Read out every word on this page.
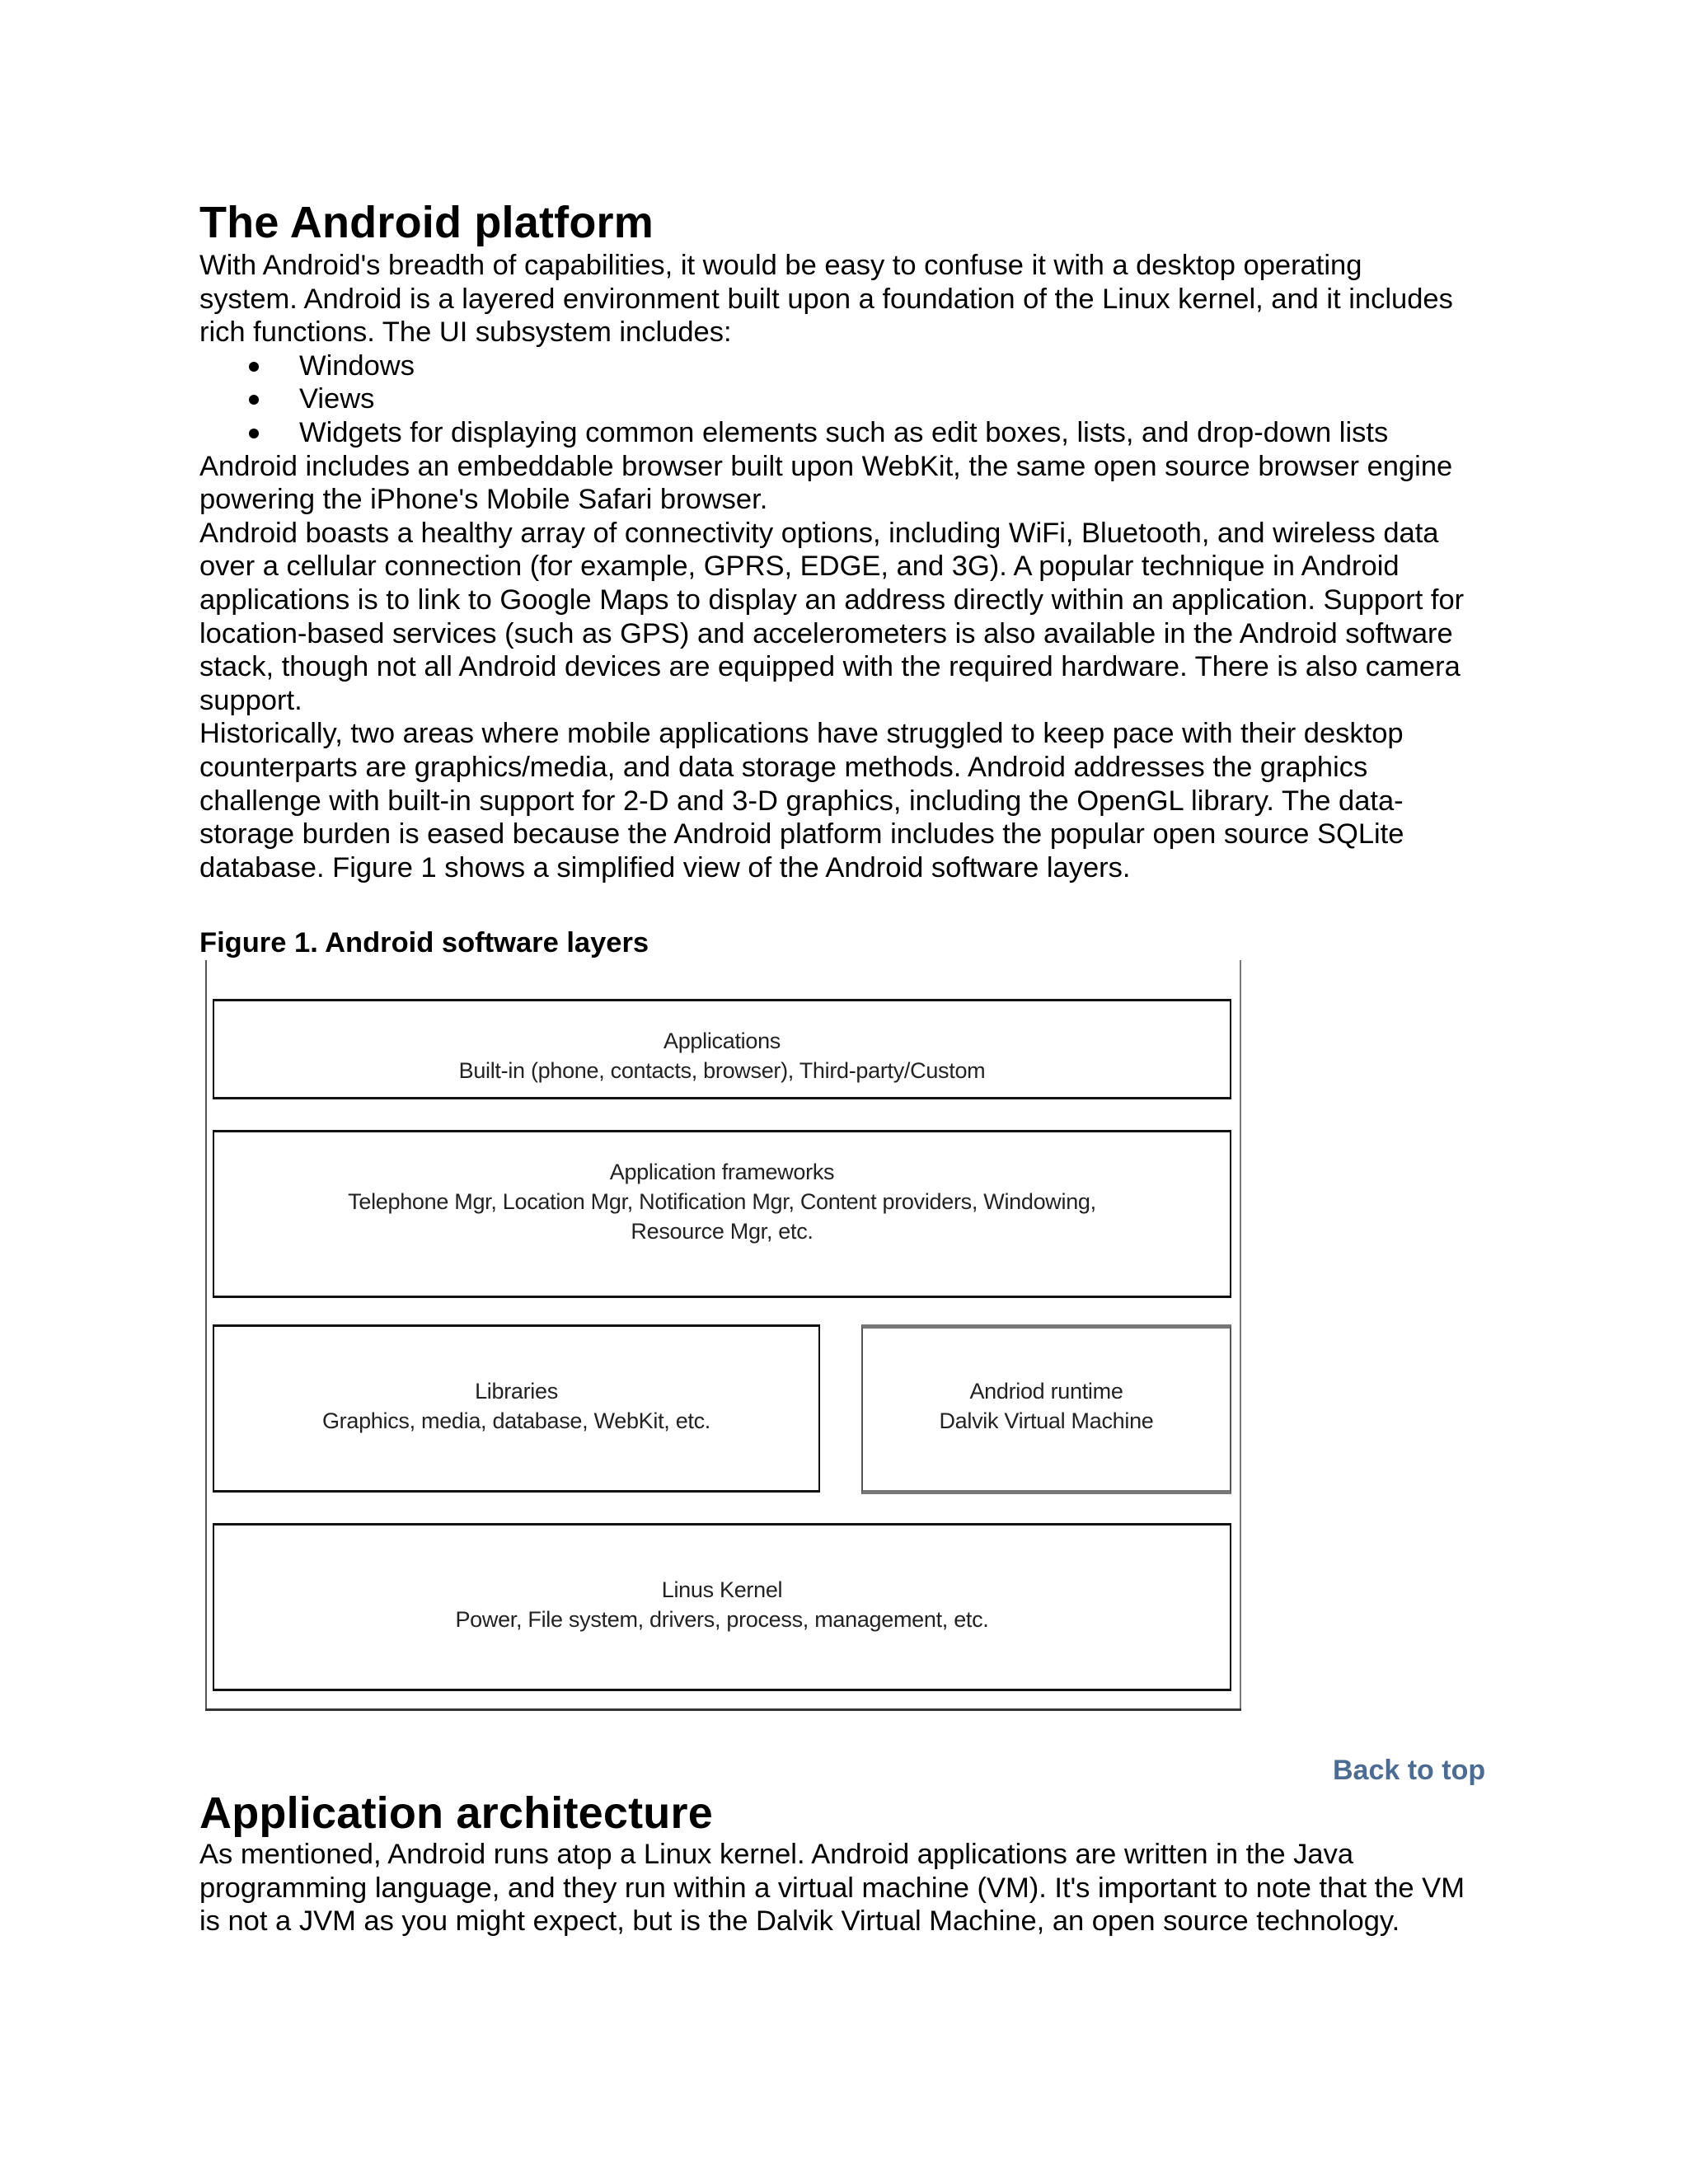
The Android platform

With Android's breadth of capabilities, it would be easy to confuse it with a desktop operating
system. Android is a layered environment built upon a foundation of the Linux kernel, and it includes
rich functions. The UI subsystem includes:

Windows
Views
Widgets for displaying common elements such as edit boxes, lists, and drop-down lists

Android includes an embeddable browser built upon WebKit, the same open source browser engine
powering the iPhone's Mobile Safari browser.

Android boasts a healthy array of connectivity options, including WiFi, Bluetooth, and wireless data
over a cellular connection (for example, GPRS, EDGE, and 3G). A popular technique in Android
applications is to link to Google Maps to display an address directly within an application. Support for
location-based services (such as GPS) and accelerometers is also available in the Android software
stack, though not all Android devices are equipped with the required hardware. There is also camera
support.

Historically, two areas where mobile applications have struggled to keep pace with their desktop
counterparts are graphics/media, and data storage methods. Android addresses the graphics
challenge with built-in support for 2-D and 3-D graphics, including the OpenGL library. The data-
storage burden is eased because the Android platform includes the popular open source SQLite
database. Figure 1 shows a simplified view of the Android software layers.

Figure 1. Android software layers
Back to top
Application architecture

As mentioned, Android runs atop a Linux kernel. Android applications are written in the Java
programming language, and they run within a virtual machine (VM). It's important to note that the VM
is not a JVM as you might expect, but is the Dalvik Virtual Machine, an open source technology.

Applications
Built-in (phone, contacts, browser), Third-party/Custom
Application frameworks
Telephone Mgr, Location Mgr, Notification Mgr, Content providers, Windowing,
Resource Mgr, etc.
Libraries
Graphics, media, database, WebKit, etc.
Andriod runtime
Dalvik Virtual Machine
Linus Kernel
Power, File system, drivers, process, management, etc.
